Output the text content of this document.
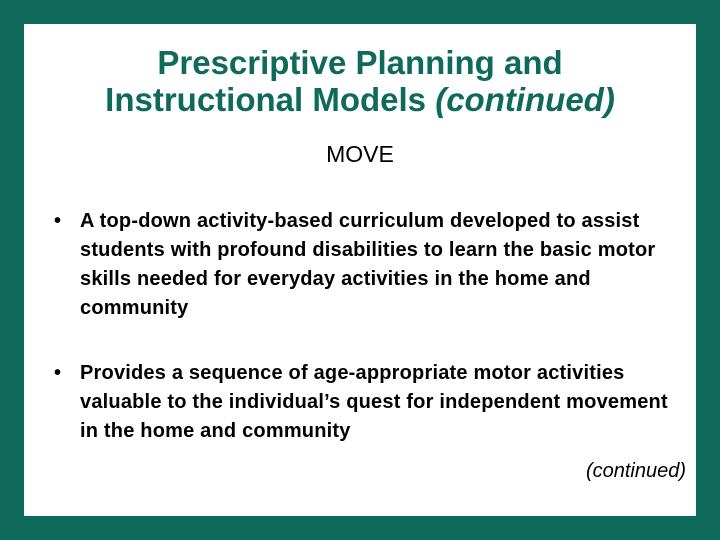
Prescriptive Planning and
Instructional Models (continued)

MOVE

• A top-down activity-based curriculum developed to assist students with profound disabilities to learn the basic motor skills needed for everyday activities in the home and community
• Provides a sequence of age-appropriate motor activities valuable to the individual’s quest for independent movement in the home and community
(continued)
